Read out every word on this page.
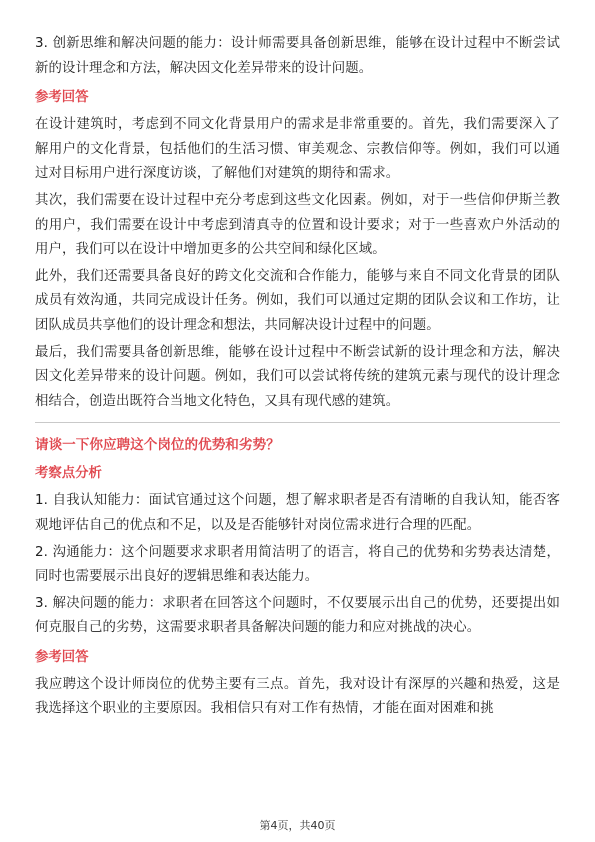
3. 创新思维和解决问题的能力：设计师需要具备创新思维，能够在设计过程中不断尝试新的设计理念和方法，解决因文化差异带来的设计问题。

参考回答

在设计建筑时，考虑到不同文化背景用户的需求是非常重要的。首先，我们需要深入了解用户的文化背景，包括他们的生活习惯、审美观念、宗教信仰等。例如，我们可以通过对目标用户进行深度访谈，了解他们对建筑的期待和需求。

其次，我们需要在设计过程中充分考虑到这些文化因素。例如，对于一些信仰伊斯兰教的用户，我们需要在设计中考虑到清真寺的位置和设计要求；对于一些喜欢户外活动的用户，我们可以在设计中增加更多的公共空间和绿化区域。

此外，我们还需要具备良好的跨文化交流和合作能力，能够与来自不同文化背景的团队成员有效沟通，共同完成设计任务。例如，我们可以通过定期的团队会议和工作坊，让团队成员共享他们的设计理念和想法，共同解决设计过程中的问题。

最后，我们需要具备创新思维，能够在设计过程中不断尝试新的设计理念和方法，解决因文化差异带来的设计问题。例如，我们可以尝试将传统的建筑元素与现代的设计理念相结合，创造出既符合当地文化特色，又具有现代感的建筑。

请谈一下你应聘这个岗位的优势和劣势？
考察点分析

1. 自我认知能力：面试官通过这个问题，想了解求职者是否有清晰的自我认知，能否客观地评估自己的优点和不足，以及是否能够针对岗位需求进行合理的匹配。

2. 沟通能力：这个问题要求求职者用简洁明了的语言，将自己的优势和劣势表达清楚，同时也需要展示出良好的逻辑思维和表达能力。

3. 解决问题的能力：求职者在回答这个问题时，不仅要展示出自己的优势，还要提出如何克服自己的劣势，这需要求职者具备解决问题的能力和应对挑战的决心。

参考回答

我应聘这个设计师岗位的优势主要有三点。首先，我对设计有深厚的兴趣和热爱，这是我选择这个职业的主要原因。我相信只有对工作有热情，才能在面对困难和挑

第4页，共40页
